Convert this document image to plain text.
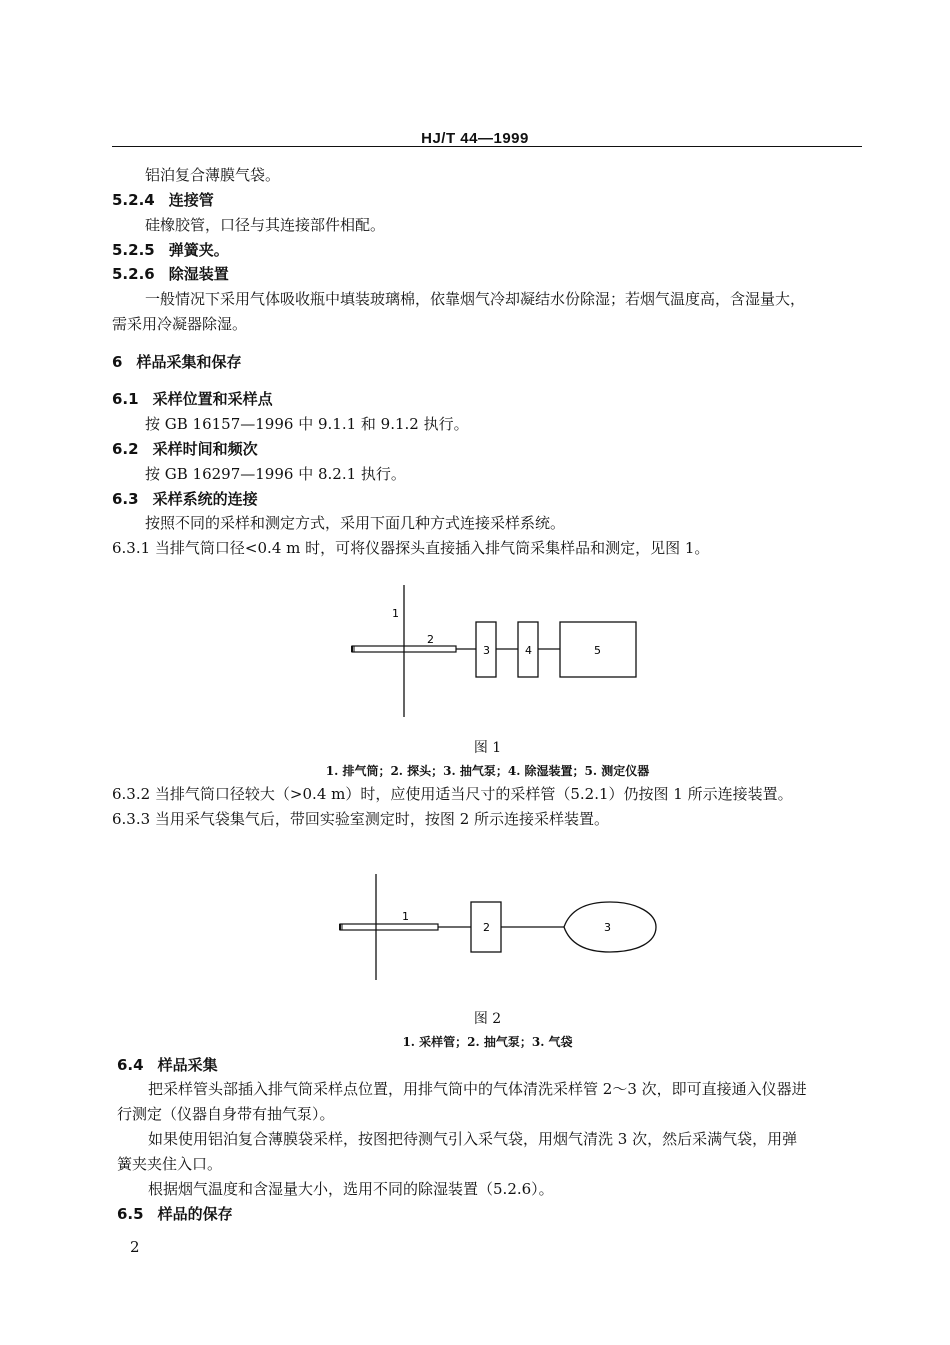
HJ/T 44—1999
铝泊复合薄膜气袋。
5.2.4 连接管
硅橡胶管，口径与其连接部件相配。
5.2.5 弹簧夹。
5.2.6 除湿装置
一般情况下采用气体吸收瓶中填装玻璃棉，依靠烟气冷却凝结水份除湿；若烟气温度高，含湿量大，
需采用冷凝器除湿。
6 样品采集和保存
6.1 采样位置和采样点
按 GB 16157—1996 中 9.1.1 和 9.1.2 执行。
6.2 采样时间和频次
按 GB 16297—1996 中 8.2.1 执行。
6.3 采样系统的连接
按照不同的采样和测定方式，采用下面几种方式连接采样系统。
6.3.1 当排气筒口径<0.4 m 时，可将仪器探头直接插入排气筒采集样品和测定，见图 1。
1
2
3	4	5
图 1
1. 排气筒；2. 探头；3. 抽气泵；4. 除湿装置；5. 测定仪器
6.3.2 当排气筒口径较大（>0.4 m）时，应使用适当尺寸的采样管（5.2.1）仍按图 1 所示连接装置。
6.3.3 当用采气袋集气后，带回实验室测定时，按图 2 所示连接采样装置。
1
2	3
图 2
1. 采样管；2. 抽气泵；3. 气袋
6.4 样品采集
把采样管头部插入排气筒采样点位置，用排气筒中的气体清洗采样管 2～3 次，即可直接通入仪器进
行测定（仪器自身带有抽气泵）。
如果使用铝泊复合薄膜袋采样，按图把待测气引入采气袋，用烟气清洗 3 次，然后采满气袋，用弹
簧夹夹住入口。
根据烟气温度和含湿量大小，选用不同的除湿装置（5.2.6）。
6.5 样品的保存
2
